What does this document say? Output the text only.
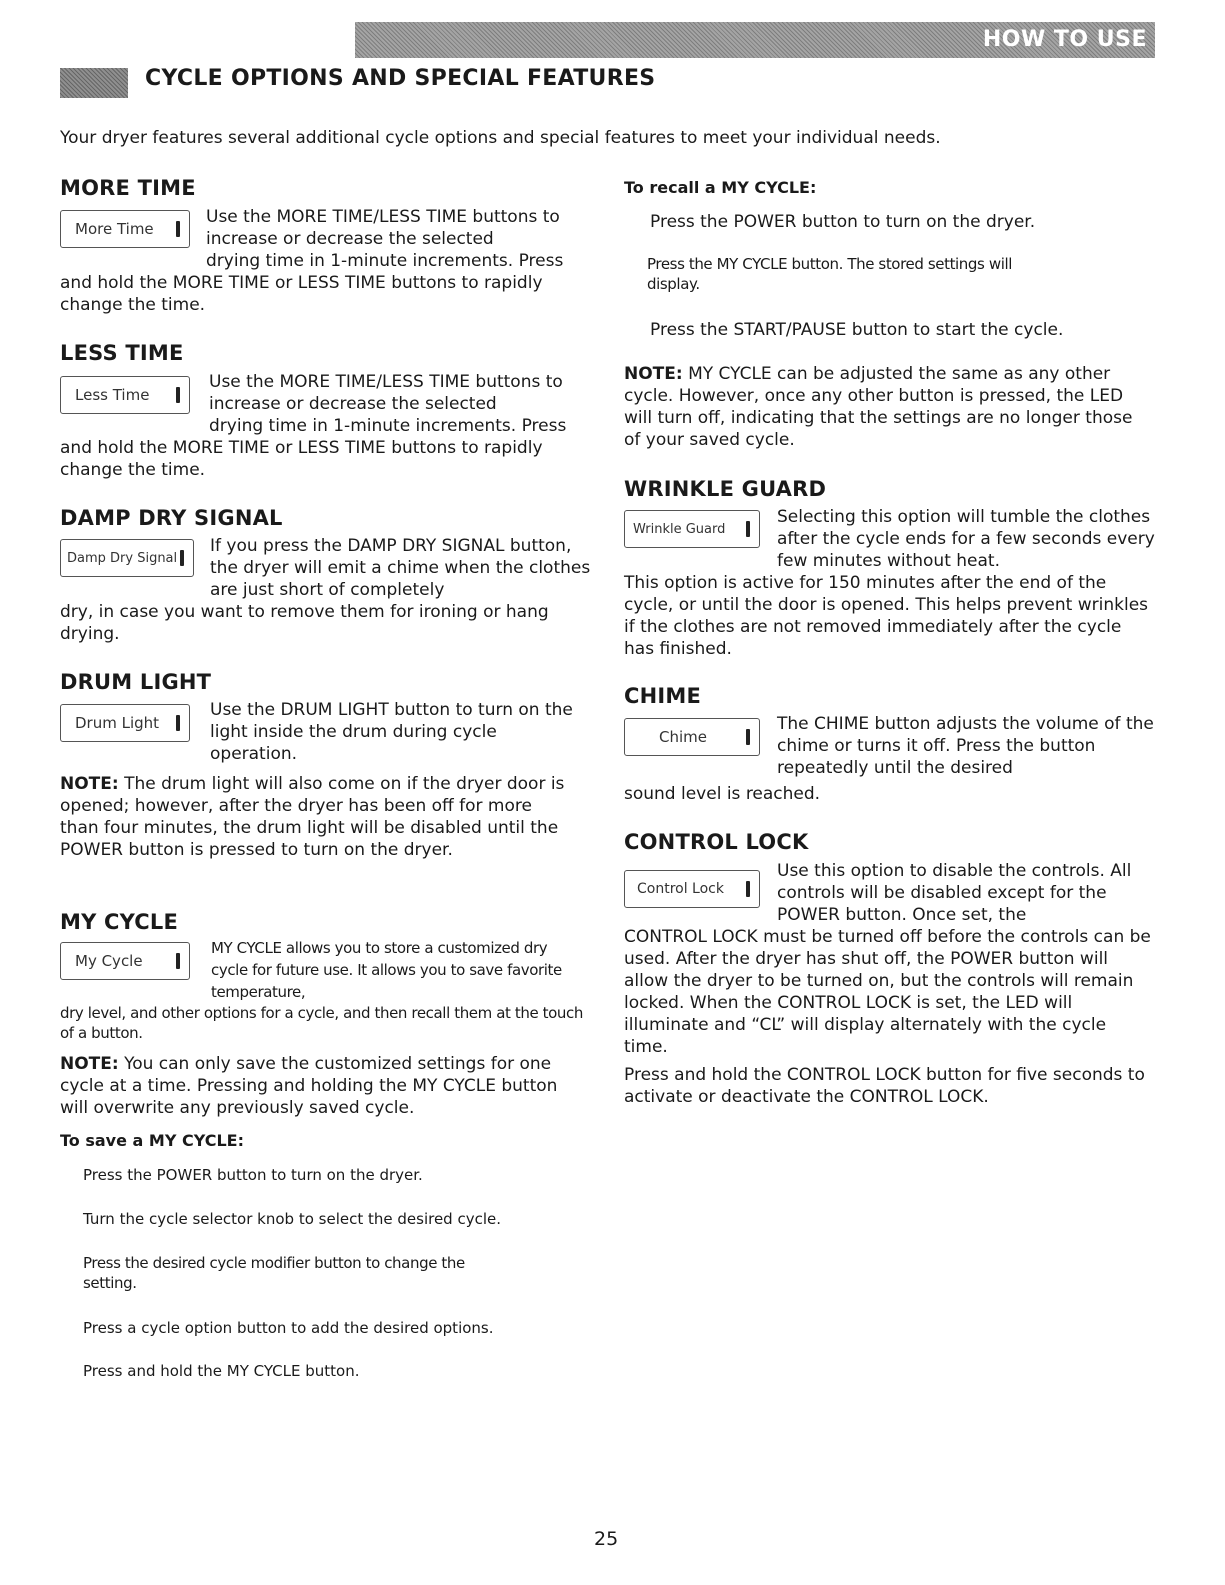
HOW TO USE
CYCLE OPTIONS AND SPECIAL FEATURES
Your dryer features several additional cycle options and special features to meet your individual needs.
MORE TIME
More Time

Use the MORE TIME/LESS TIME buttons to increase or decrease the selected

drying time in 1-minute increments. Press and hold the MORE TIME or LESS TIME buttons to rapidly change the time.

LESS TIME
Less Time

Use the MORE TIME/LESS TIME buttons to increase or decrease the selected

drying time in 1-minute increments. Press and hold the MORE TIME or LESS TIME buttons to rapidly change the time.

DAMP DRY SIGNAL
Damp Dry Signal

If you press the DAMP DRY SIGNAL button, the dryer will emit a chime when the clothes are just short of completely

dry, in case you want to remove them for ironing or hang drying.

DRUM LIGHT
Drum Light

Use the DRUM LIGHT button to turn on the light inside the drum during cycle operation.

NOTE: The drum light will also come on if the dryer door is opened; however, after the dryer has been off for more than four minutes, the drum light will be disabled until the POWER button is pressed to turn on the dryer.

MY CYCLE
My Cycle

MY CYCLE allows you to store a customized dry cycle for future use. It allows you to save favorite temperature,

dry level, and other options for a cycle, and then recall them at the touch of a button.

NOTE: You can only save the customized settings for one cycle at a time. Pressing and holding the MY CYCLE button will overwrite any previously saved cycle.

To save a MY CYCLE:

Press the POWER button to turn on the dryer.

Turn the cycle selector knob to select the desired cycle.

Press the desired cycle modifier button to change the setting.

Press a cycle option button to add the desired options.

Press and hold the MY CYCLE button.

To recall a MY CYCLE:

Press the POWER button to turn on the dryer.

Press the MY CYCLE button. The stored settings will display.

Press the START/PAUSE button to start the cycle.

NOTE: MY CYCLE can be adjusted the same as any other cycle. However, once any other button is pressed, the LED will turn off, indicating that the settings are no longer those of your saved cycle.

WRINKLE GUARD
Wrinkle Guard

Selecting this option will tumble the clothes after the cycle ends for a few seconds every few minutes without heat.

This option is active for 150 minutes after the end of the cycle, or until the door is opened. This helps prevent wrinkles if the clothes are not removed immediately after the cycle has finished.

CHIME
Chime

The CHIME button adjusts the volume of the chime or turns it off. Press the button repeatedly until the desired

sound level is reached.

CONTROL LOCK
Control Lock

Use this option to disable the controls. All controls will be disabled except for the POWER button. Once set, the

CONTROL LOCK must be turned off before the controls can be used. After the dryer has shut off, the POWER button will allow the dryer to be turned on, but the controls will remain locked. When the CONTROL LOCK is set, the LED will illuminate and “CL” will display alternately with the cycle time.

Press and hold the CONTROL LOCK button for five seconds to activate or deactivate the CONTROL LOCK.

25
